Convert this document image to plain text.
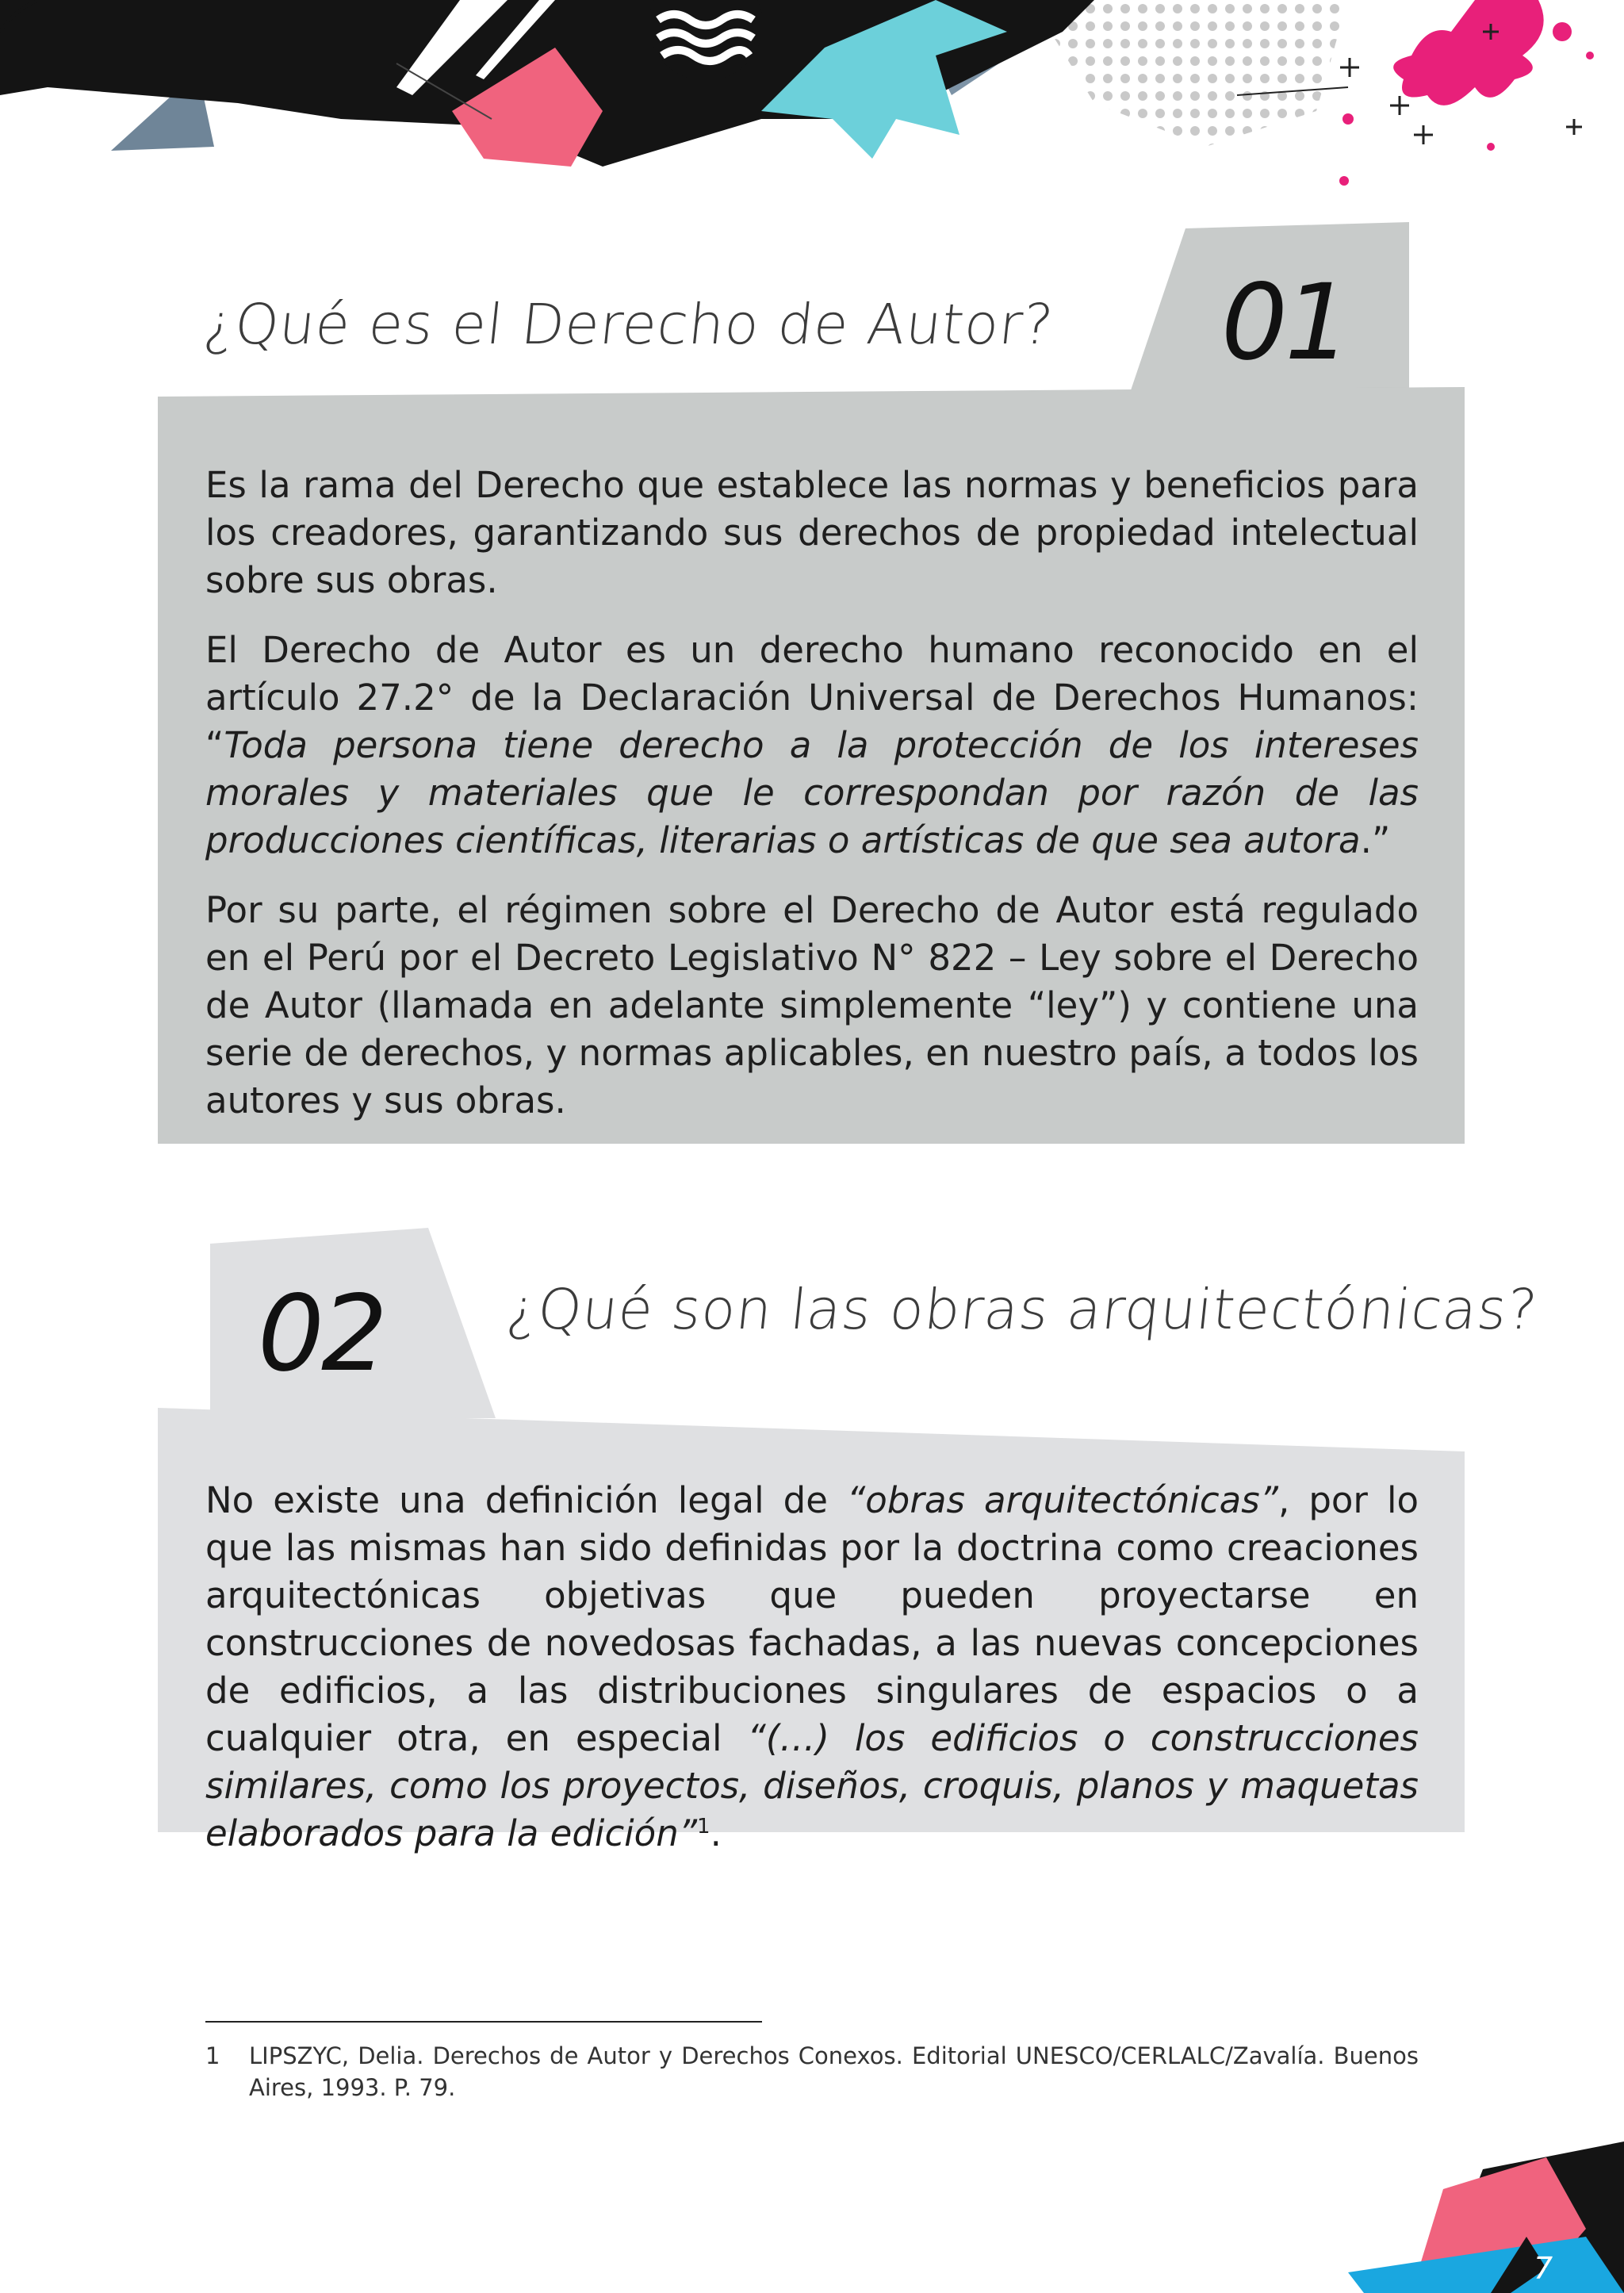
¿Qué es el Derecho de Autor? 01

Es la rama del Derecho que establece las normas y beneficios para los creadores, garantizando sus derechos de propiedad intelectual sobre sus obras.

El Derecho de Autor es un derecho humano reconocido en el artículo 27.2° de la Declaración Universal de Derechos Humanos: “Toda persona tiene derecho a la protección de los intereses morales y materiales que le correspondan por razón de las producciones científicas, literarias o artísticas de que sea autora.”

Por su parte, el régimen sobre el Derecho de Autor está regulado en el Perú por el Decreto Legislativo N° 822 – Ley sobre el Derecho de Autor (llamada en adelante simplemente “ley”) y contiene una serie de derechos, y normas aplicables, en nuestro país, a todos los autores y sus obras.

02 ¿Qué son las obras arquitectónicas?

No existe una definición legal de “obras arquitectónicas”, por lo que las mismas han sido definidas por la doctrina como creaciones arquitectónicas objetivas que pueden proyectarse en construcciones de novedosas fachadas, a las nuevas concepciones de edificios, a las distribuciones singulares de espacios o a cualquier otra, en especial “(…) los edificios o construcciones similares, como los proyectos, diseños, croquis, planos y maquetas elaborados para la edición”$^1$.

1	LIPSZYC, Delia. Derechos de Autor y Derechos Conexos. Editorial UNESCO/CERLALC/Zavalía. Buenos Aires, 1993. P. 79.
7
